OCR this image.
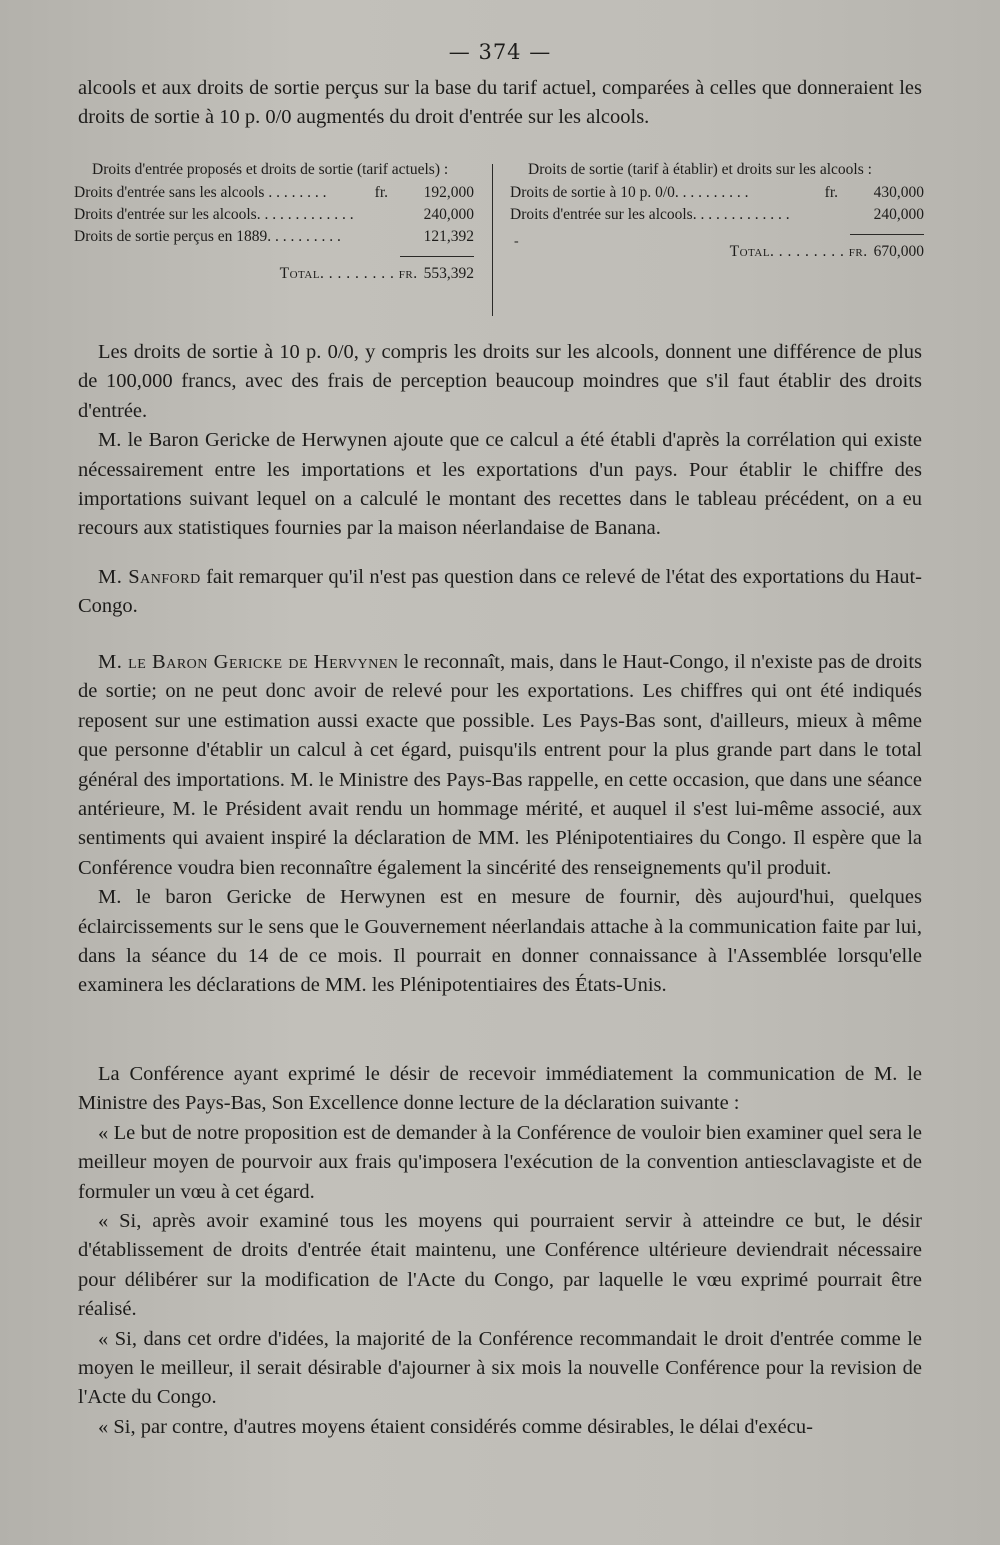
— 374 —

alcools et aux droits de sortie perçus sur la base du tarif actuel, comparées à celles que donneraient les droits de sortie à 10 p. 0/0 augmentés du droit d'entrée sur les alcools.

Droits d'entrée proposés et droits de sortie (tarif actuels) :
Droits d'entrée sans les alcools . . . . . . . .	fr.	192,000
Droits d'entrée sur les alcools. . . . . . . . . . . . .	240,000
Droits de sortie perçus en 1889. . . . . . . . . .	121,392
Total. . . . . . . . . fr. 553,392
Droits de sortie (tarif à établir) et droits sur les alcools :
Droits de sortie à 10 p. 0/0. . . . . . . . . .	fr.	430,000
Droits d'entrée sur les alcools. . . . . . . . . . . . .	240,000
Total. . . . . . . . . fr. 670,000
-

Les droits de sortie à 10 p. 0/0, y compris les droits sur les alcools, donnent une différence de plus de 100,000 francs, avec des frais de perception beaucoup moindres que s'il faut établir des droits d'entrée.

M. le Baron Gericke de Herwynen ajoute que ce calcul a été établi d'après la corrélation qui existe nécessairement entre les importations et les exportations d'un pays. Pour établir le chiffre des importations suivant lequel on a calculé le montant des recettes dans le tableau précédent, on a eu recours aux statistiques fournies par la maison néerlandaise de Banana.

M. Sanford fait remarquer qu'il n'est pas question dans ce relevé de l'état des exportations du Haut-Congo.

M. le Baron Gericke de Hervynen le reconnaît, mais, dans le Haut-Congo, il n'existe pas de droits de sortie; on ne peut donc avoir de relevé pour les exportations. Les chiffres qui ont été indiqués reposent sur une estimation aussi exacte que possible. Les Pays-Bas sont, d'ailleurs, mieux à même que personne d'établir un calcul à cet égard, puisqu'ils entrent pour la plus grande part dans le total général des importations. M. le Ministre des Pays-Bas rappelle, en cette occasion, que dans une séance antérieure, M. le Président avait rendu un hommage mérité, et auquel il s'est lui-même associé, aux sentiments qui avaient inspiré la déclaration de MM. les Plénipotentiaires du Congo. Il espère que la Conférence voudra bien reconnaître également la sincérité des renseignements qu'il produit.

M. le baron Gericke de Herwynen est en mesure de fournir, dès aujourd'hui, quelques éclaircissements sur le sens que le Gouvernement néerlandais attache à la communication faite par lui, dans la séance du 14 de ce mois. Il pourrait en donner connaissance à l'Assemblée lorsqu'elle examinera les déclarations de MM. les Plénipotentiaires des États-Unis.

La Conférence ayant exprimé le désir de recevoir immédiatement la communication de M. le Ministre des Pays-Bas, Son Excellence donne lecture de la déclaration suivante :

« Le but de notre proposition est de demander à la Conférence de vouloir bien examiner quel sera le meilleur moyen de pourvoir aux frais qu'imposera l'exécution de la convention antiesclavagiste et de formuler un vœu à cet égard.

« Si, après avoir examiné tous les moyens qui pourraient servir à atteindre ce but, le désir d'établissement de droits d'entrée était maintenu, une Conférence ultérieure deviendrait nécessaire pour délibérer sur la modification de l'Acte du Congo, par laquelle le vœu exprimé pourrait être réalisé.

« Si, dans cet ordre d'idées, la majorité de la Conférence recommandait le droit d'entrée comme le moyen le meilleur, il serait désirable d'ajourner à six mois la nouvelle Conférence pour la revision de l'Acte du Congo.

« Si, par contre, d'autres moyens étaient considérés comme désirables, le délai d'exécu-
